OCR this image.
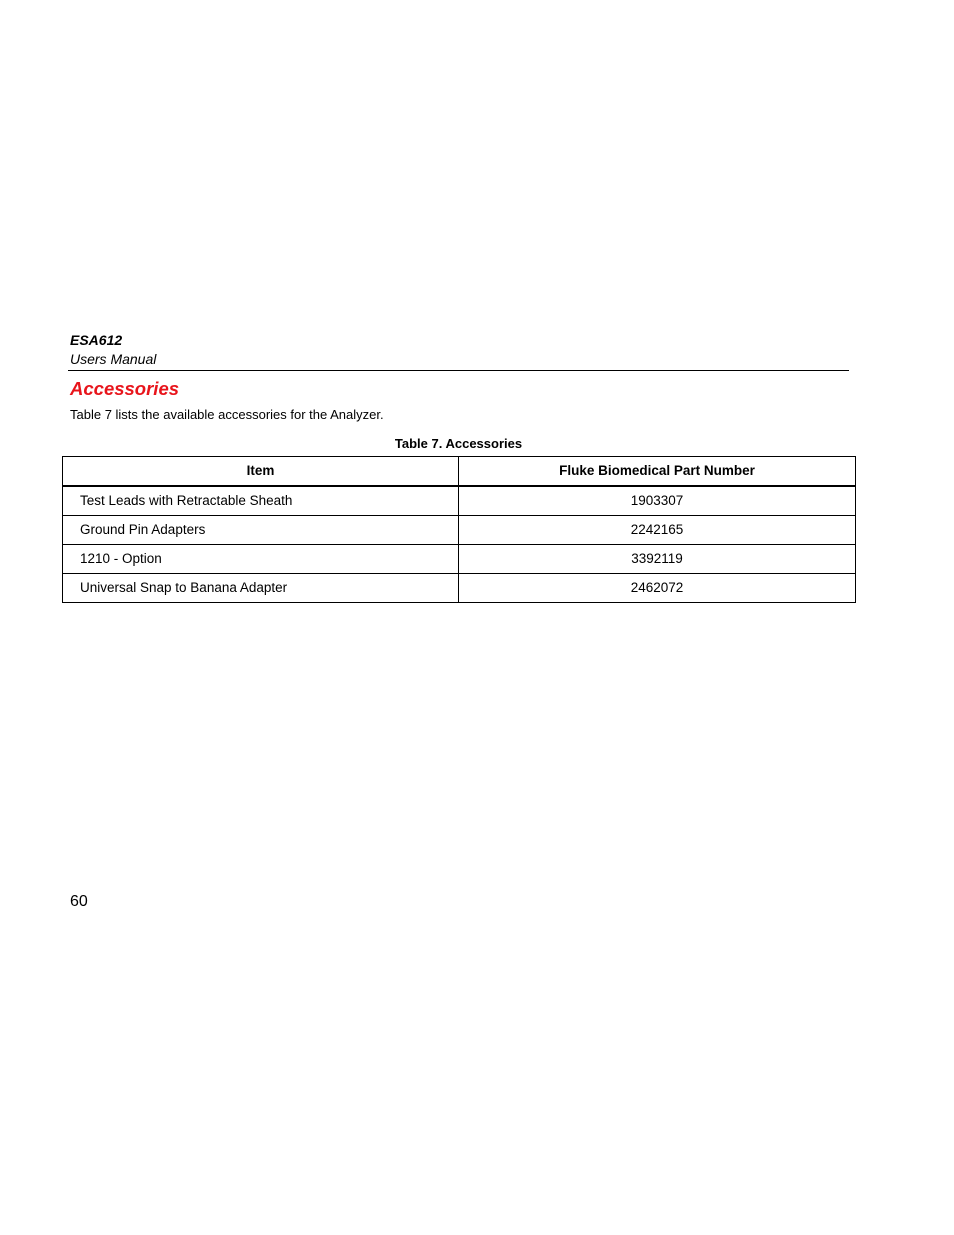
ESA612
Users Manual
Accessories
Table 7 lists the available accessories for the Analyzer.
Table 7. Accessories
Item	Fluke Biomedical Part Number
Test Leads with Retractable Sheath	1903307
Ground Pin Adapters	2242165
1210 - Option	3392119
Universal Snap to Banana Adapter	2462072
60
